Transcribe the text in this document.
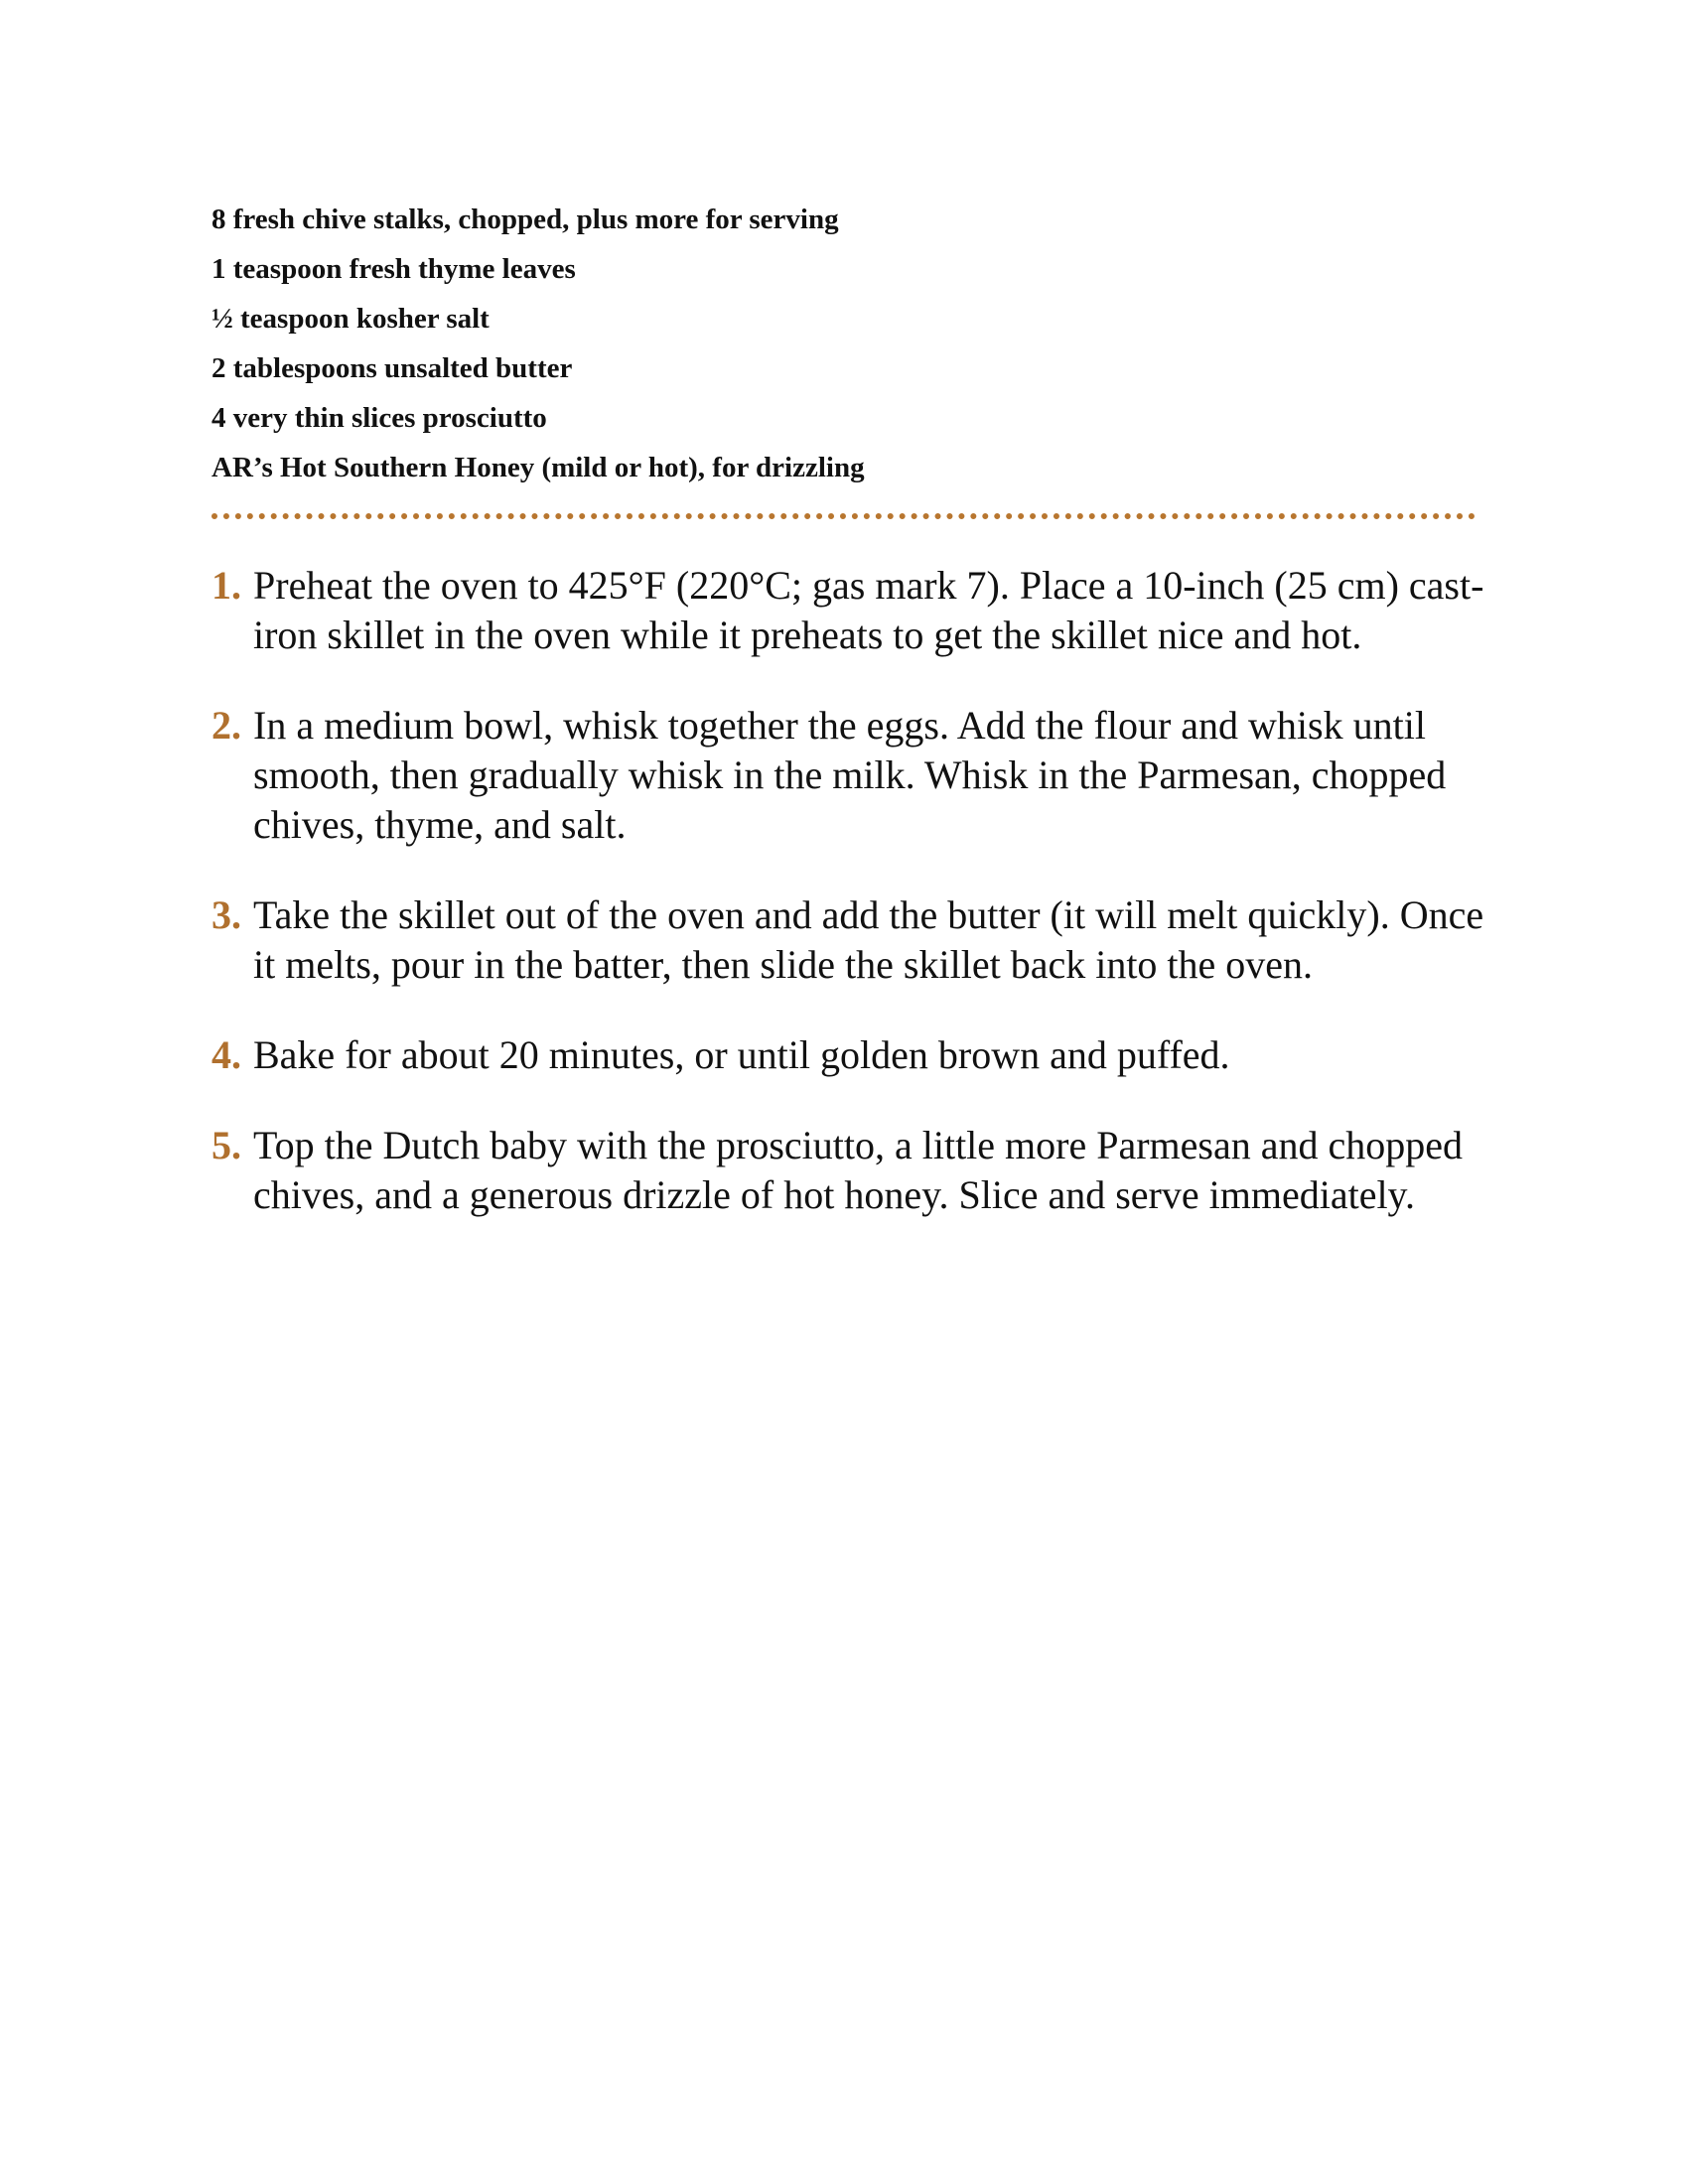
8 fresh chive stalks, chopped, plus more for serving
1 teaspoon fresh thyme leaves
½ teaspoon kosher salt
2 tablespoons unsalted butter
4 very thin slices prosciutto
AR’s Hot Southern Honey (mild or hot), for drizzling
1. Preheat the oven to 425°F (220°C; gas mark 7). Place a 10-inch (25 cm) cast-iron skillet in the oven while it preheats to get the skillet nice and hot.
2. In a medium bowl, whisk together the eggs. Add the flour and whisk until smooth, then gradually whisk in the milk. Whisk in the Parmesan, chopped chives, thyme, and salt.
3. Take the skillet out of the oven and add the butter (it will melt quickly). Once it melts, pour in the batter, then slide the skillet back into the oven.
4. Bake for about 20 minutes, or until golden brown and puffed.
5. Top the Dutch baby with the prosciutto, a little more Parmesan and chopped chives, and a generous drizzle of hot honey. Slice and serve immediately.
